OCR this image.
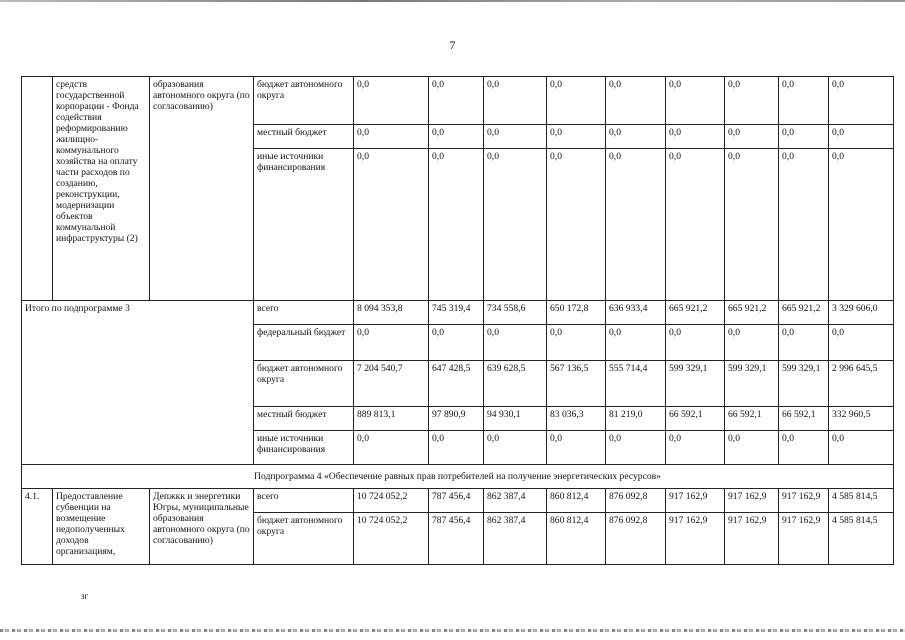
7
	средств государственной корпорации - Фонда содействия реформированию жилищно-коммунального хозяйства на оплату части расходов по созданию, реконструкции, модернизации объектов коммунальной инфраструктуры (2)	образования автономного округа (по согласованию)	бюджет автономного округа	0,0	0,0	0,0	0,0	0,0	0,0	0,0	0,0	0,0
			местный бюджет	0,0	0,0	0,0	0,0	0,0	0,0	0,0	0,0	0,0
			иные источники финансирования	0,0	0,0	0,0	0,0	0,0	0,0	0,0	0,0	0,0
Итого по подпрограмме 3			всего	8 094 353,8	745 319,4	734 558,6	650 172,8	636 933,4	665 921,2	665 921,2	665 921,2	3 329 606,0
			федеральный бюджет	0,0	0,0	0,0	0,0	0,0	0,0	0,0	0,0	0,0
			бюджет автономного округа	7 204 540,7	647 428,5	639 628,5	567 136,5	555 714,4	599 329,1	599 329,1	599 329,1	2 996 645,5
			местный бюджет	889 813,1	97 890,9	94 930,1	83 036,3	81 219,0	66 592,1	66 592,1	66 592,1	332 960,5
			иные источники финансирования	0,0	0,0	0,0	0,0	0,0	0,0	0,0	0,0	0,0
Подпрограмма 4 «Обеспечение равных прав потребителей на получение энергетических ресурсов»												
4.1.	Предоставление субвенции на возмещение недополученных доходов организациям,	Депжкк и энергетики Югры, муниципальные образования автономного округа (по согласованию)	всего	10 724 052,2	787 456,4	862 387,4	860 812,4	876 092,8	917 162,9	917 162,9	917 162,9	4 585 814,5
			бюджет автономного округа	10 724 052,2	787 456,4	862 387,4	860 812,4	876 092,8	917 162,9	917 162,9	917 162,9	4 585 814,5
зг
